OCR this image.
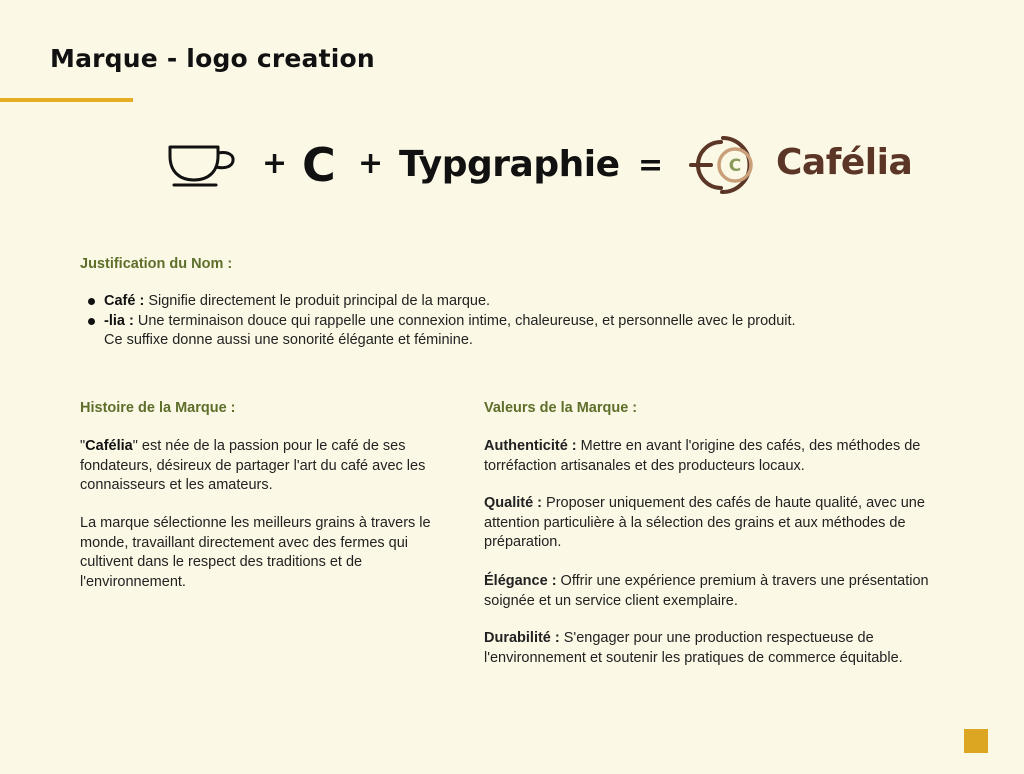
Marque - logo creation
+ C + Typgraphie =	C Cafélia
Justification du Nom :
Café : Signifie directement le produit principal de la marque.
-lia : Une terminaison douce qui rappelle une connexion intime, chaleureuse, et personnelle avec le produit.
Ce suffixe donne aussi une sonorité élégante et féminine.
Histoire de la Marque :
"Cafélia" est née de la passion pour le café de ses fondateurs, désireux de partager l'art du café avec les connaisseurs et les amateurs.
La marque sélectionne les meilleurs grains à travers le monde, travaillant directement avec des fermes qui cultivent dans le respect des traditions et de l'environnement.
Valeurs de la Marque :
Authenticité : Mettre en avant l'origine des cafés, des méthodes de torréfaction artisanales et des producteurs locaux.
Qualité : Proposer uniquement des cafés de haute qualité, avec une attention particulière à la sélection des grains et aux méthodes de préparation.
Élégance : Offrir une expérience premium à travers une présentation soignée et un service client exemplaire.
Durabilité : S'engager pour une production respectueuse de l'environnement et soutenir les pratiques de commerce équitable.
